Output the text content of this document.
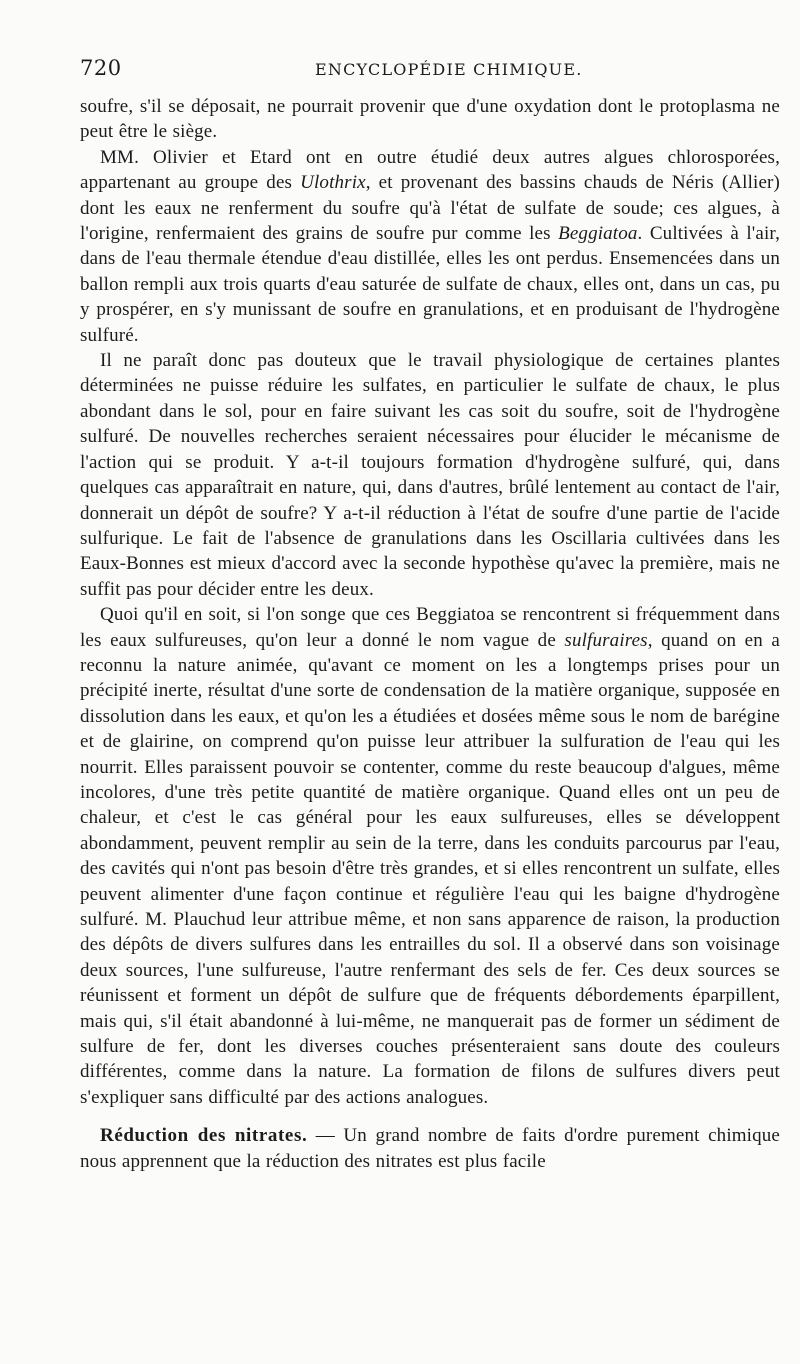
720	ENCYCLOPÉDIE CHIMIQUE.

soufre, s'il se déposait, ne pourrait provenir que d'une oxydation dont le protoplasma ne peut être le siège.

MM. Olivier et Etard ont en outre étudié deux autres algues chlorosporées, appartenant au groupe des Ulothrix, et provenant des bassins chauds de Néris (Allier) dont les eaux ne renferment du soufre qu'à l'état de sulfate de soude; ces algues, à l'origine, renfermaient des grains de soufre pur comme les Beggiatoa. Cultivées à l'air, dans de l'eau thermale étendue d'eau distillée, elles les ont perdus. Ensemencées dans un ballon rempli aux trois quarts d'eau saturée de sulfate de chaux, elles ont, dans un cas, pu y prospérer, en s'y munissant de soufre en granulations, et en produisant de l'hydrogène sulfuré.

Il ne paraît donc pas douteux que le travail physiologique de certaines plantes déterminées ne puisse réduire les sulfates, en particulier le sulfate de chaux, le plus abondant dans le sol, pour en faire suivant les cas soit du soufre, soit de l'hydrogène sulfuré. De nouvelles recherches seraient nécessaires pour élucider le mécanisme de l'action qui se produit. Y a-t-il toujours formation d'hydrogène sulfuré, qui, dans quelques cas apparaîtrait en nature, qui, dans d'autres, brûlé lentement au contact de l'air, donnerait un dépôt de soufre? Y a-t-il réduction à l'état de soufre d'une partie de l'acide sulfurique. Le fait de l'absence de granulations dans les Oscillaria cultivées dans les Eaux-Bonnes est mieux d'accord avec la seconde hypothèse qu'avec la première, mais ne suffit pas pour décider entre les deux.

Quoi qu'il en soit, si l'on songe que ces Beggiatoa se rencontrent si fréquemment dans les eaux sulfureuses, qu'on leur a donné le nom vague de sulfuraires, quand on en a reconnu la nature animée, qu'avant ce moment on les a longtemps prises pour un précipité inerte, résultat d'une sorte de condensation de la matière organique, supposée en dissolution dans les eaux, et qu'on les a étudiées et dosées même sous le nom de barégine et de glairine, on comprend qu'on puisse leur attribuer la sulfuration de l'eau qui les nourrit. Elles paraissent pouvoir se contenter, comme du reste beaucoup d'algues, même incolores, d'une très petite quantité de matière organique. Quand elles ont un peu de chaleur, et c'est le cas général pour les eaux sulfureuses, elles se développent abondamment, peuvent remplir au sein de la terre, dans les conduits parcourus par l'eau, des cavités qui n'ont pas besoin d'être très grandes, et si elles rencontrent un sulfate, elles peuvent alimenter d'une façon continue et régulière l'eau qui les baigne d'hydrogène sulfuré. M. Plauchud leur attribue même, et non sans apparence de raison, la production des dépôts de divers sulfures dans les entrailles du sol. Il a observé dans son voisinage deux sources, l'une sulfureuse, l'autre renfermant des sels de fer. Ces deux sources se réunissent et forment un dépôt de sulfure que de fréquents débordements éparpillent, mais qui, s'il était abandonné à lui-même, ne manquerait pas de former un sédiment de sulfure de fer, dont les diverses couches présenteraient sans doute des couleurs différentes, comme dans la nature. La formation de filons de sulfures divers peut s'expliquer sans difficulté par des actions analogues.

Réduction des nitrates. — Un grand nombre de faits d'ordre purement chimique nous apprennent que la réduction des nitrates est plus facile
